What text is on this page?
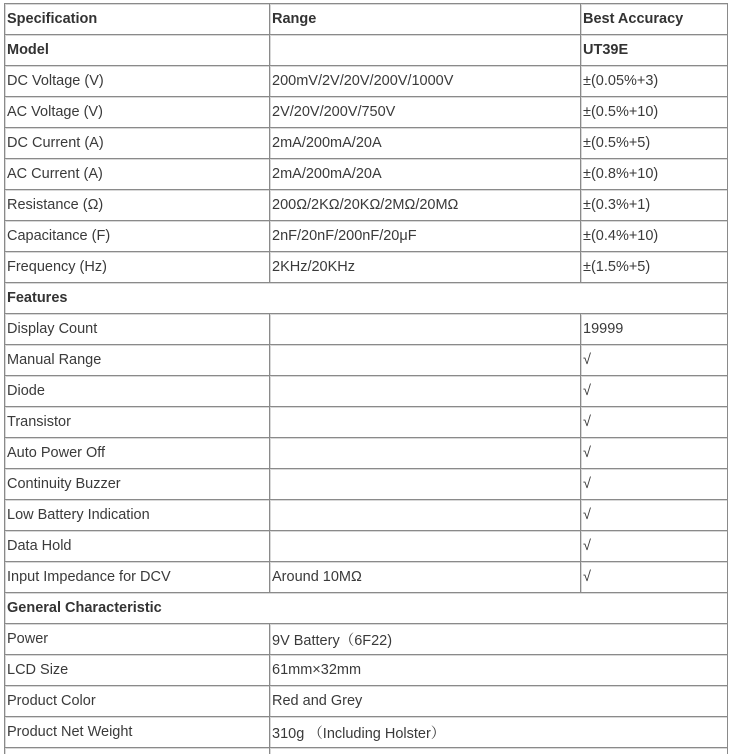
Specification	Range	Best Accuracy
Model		UT39E
DC Voltage (V)	200mV/2V/20V/200V/1000V	±(0.05%+3)
AC Voltage (V)	2V/20V/200V/750V	±(0.5%+10)
DC Current (A)	2mA/200mA/20A	±(0.5%+5)
AC Current (A)	2mA/200mA/20A	±(0.8%+10)
Resistance (Ω)	200Ω/2KΩ/20KΩ/2MΩ/20MΩ	±(0.3%+1)
Capacitance (F)	2nF/20nF/200nF/20μF	±(0.4%+10)
Frequency (Hz)	2KHz/20KHz	±(1.5%+5)
Features		
Display Count		19999
Manual Range		√
Diode		√
Transistor		√
Auto Power Off		√
Continuity Buzzer		√
Low Battery Indication		√
Data Hold		√
Input Impedance for DCV	Around 10MΩ	√
General Characteristic		
Power	9V Battery（6F22)	
LCD Size	61mm×32mm	
Product Color	Red and Grey	
Product Net Weight	310g （Including Holster）	
